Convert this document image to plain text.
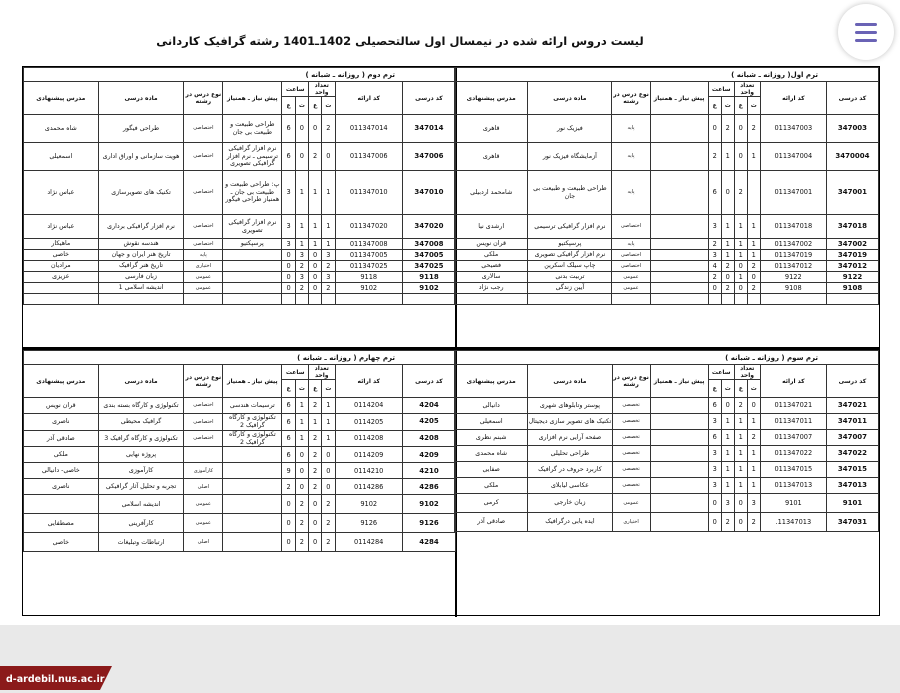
لیست دروس ارائه شده در نیمسال اول سالتحصیلی 1402ـ1401 رشته گرافیک کاردانی
ترم اول( روزانه ـ شبانه )									
کد درسی	کد ارائه	تعداد واحد		ساعت		پیش نیاز ـ همنیاز	نوع درس در رشته	ماده درسی	مدرس پیشنهادی
		ت	ع	ت	ع				
347003	011347003	2	0	2	0		پایه	فیزیک نور	قاهری
3470004	011347004	1	0	1	2		پایه	آزمایشگاه فیزیک نور	قاهری
347001	011347001		2	0	6		پایه	طراحی طبیعت و طبیعت بی جان	شامحمد اردبیلی
347018	011347018	1	1	1	3		اختصاصی	نرم افزار گرافیکی ترسیمی	ارشدی نیا
347002	011347002	1	1	1	2		پایه	پرسپکتیو	قران نویس
347019	011347019	1	1	1	3		اختصاصی	نرم افزار گرافیکی تصویری	ملکی
347012	011347012	2	0	2	4		اختصاصی	چاپ سیلک اسکرین	فصیحی
9122	9122	0	1	0	2		عمومی	تربیت بدنی	سالاری
9108	9108	2	0	2	0		عمومی	آیین زندگی	رجب نژاد

ترم دوم ( روزانه ـ شبانه )									
کد درسی	کد ارائه	تعداد واحد		ساعت		پیش نیاز ـ همنیاز	نوع درس در رشته	ماده درسی	مدرس پیشنهادی
		ت	ع	ت	ع				
347014	011347014	2	0	0	6	طراحی طبیعت و طبیعت بی جان	اختصاصی	طراحی فیگور	شاه محمدی
347006	011347006	0	2	0	6	نرم افزار گرافیکی ترسیمی ـ نرم افزار گرافیکی تصویری	اختصاصی	هویت سازمانی و اوراق اداری	اسمعیلی
347010	011347010	1	1	1	3	پ: طراحی طبیعت و طبیعت بی جان ـ همنیاز طراحی فیگور	اختصاصی	تکنیک های تصویرسازی	عباس نژاد
347020	011347020	1	1	1	3	نرم افزار گرافیکی تصویری	اختصاصی	نرم افزار گرافیکی برداری	عباس نژاد
347008	011347008	1	1	1	3	پرسپکتیو	اختصاصی	هندسه نقوش	ماهیکار
347005	011347005	3	0	3	0		پایه	تاریخ هنر ایران و جهان	خاصی
347025	011347025	2	0	2	0		اختیاری	تاریخ هنر گرافیک	مرادیان
9118	9118	3	0	3	0		عمومی	زبان فارسی	عزیزی
9102	9102	2	0	2	0		عمومی	اندیشه اسلامی 1	

ترم سوم ( روزانه ـ شبانه )									
کد درسی	کد ارائه	تعداد واحد		ساعت		پیش نیاز ـ همنیاز	نوع درس در رشته	ماده درسی	مدرس پیشنهادی
		ت	ع	ت	ع				
347021	011347021	0	2	0	6		تخصصی	پوستر وتابلوهای شهری	دانیالی
347011	011347011	1	1	1	3		تخصصی	تکنیک های تصویر سازی دیجیتال	اسمعیلی
347007	011347007	2	1	1	6		تخصصی	صفحه آرایی نرم افزاری	شبنم نظری
347022	011347022	1	1	1	3		تخصصی	طراحی تحلیلی	شاه محمدی
347015	011347015	1	1	1	3		تخصصی	کاربرد حروف در گرافیک	صفایی
347013	011347013	1	1	1	3		تخصصی	عکاسی لیابلای	ملکی
9101	9101	3	0	3	0		عمومی	زبان خارجی	کرمی
347031	11347013.	2	0	2	0		اختیاری	ایده یابی درگرافیک	صادقی آذر
ترم چهارم ( روزانه ـ شبانه )									
کد درسی	کد ارائه	تعداد واحد		ساعت		پیش نیاز ـ همنیاز	نوع درس در رشته	ماده درسی	مدرس پیشنهادی
		ت	ع	ت	ع				
4204	0114204	1	2	1	6	ترسیمات هندسی	اختصاصی	تکنولوژی و کارگاه بسته بندی	قران نویس
4205	0114205	1	1	1	6	تکنولوژی و کارگاه گرافیک 2	اختصاصی	گرافیک محیطی	ناصری
4208	0114208	1	2	1	6	تکنولوژی و کارگاه گرافیک 2	اختصاصی	تکنولوژی و کارگاه گرافیک 3	صادقی آذر
4209	0114209	0	2	0	6			پروژه نهایی	ملکی
4210	0114210	0	2	0	9		کارآموزی	کارآموزی	خاصی- دانیالی
4286	0114286	0	2	0	2		اصلی	تجربه و تحلیل آثار گرافیکی	ناصری
9102	9102	2	0	2	0		عمومی	اندیشه اسلامی	
9126	9126	2	0	2	0		عمومی	کارآفرینی	مصطفایی
4284	0114284	2	0	2	0		اصلی	ارتباطات وتبلیغات	خاصی
d-ardebil.nus.ac.ir
